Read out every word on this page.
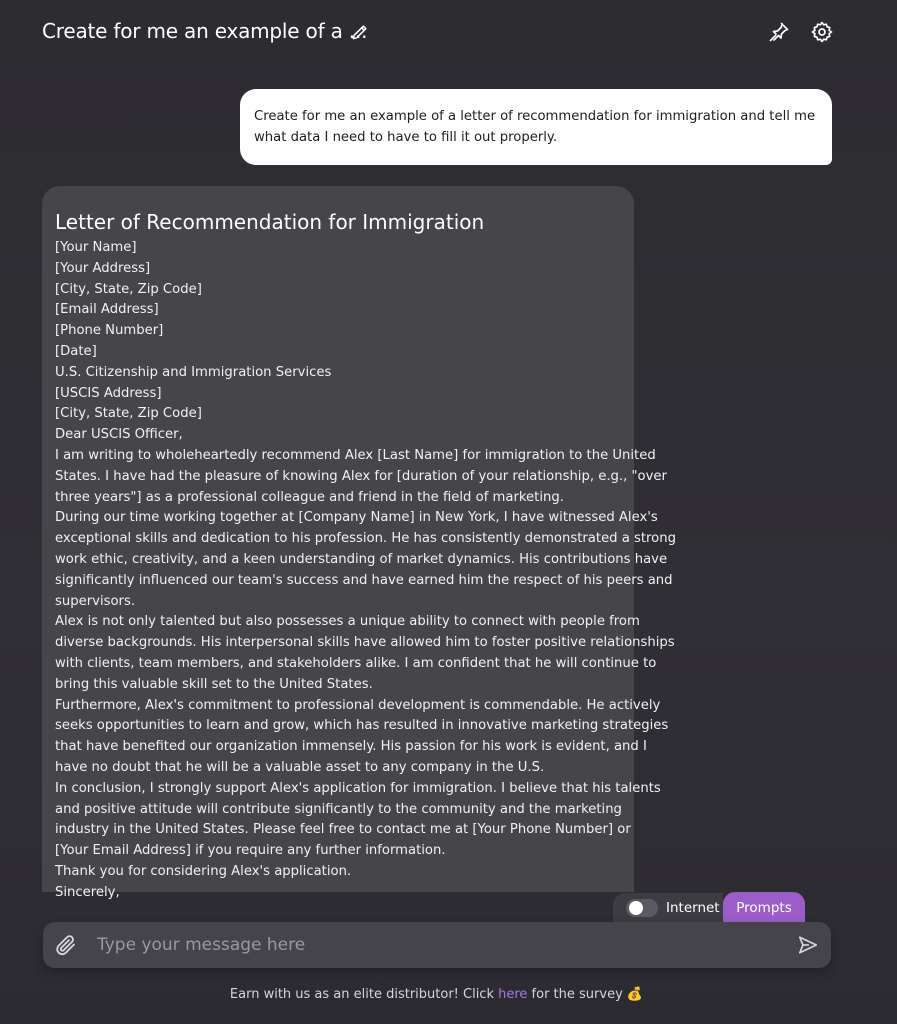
Create for me an example of a ...
Create for me an example of a letter of recommendation for immigration and tell me what data I need to have to fill it out properly.
Letter of Recommendation for Immigration
[Your Name]
[Your Address]
[City, State, Zip Code]
[Email Address]
[Phone Number]
[Date]
U.S. Citizenship and Immigration Services
[USCIS Address]
[City, State, Zip Code]
Dear USCIS Officer,
I am writing to wholeheartedly recommend Alex [Last Name] for immigration to the United
States. I have had the pleasure of knowing Alex for [duration of your relationship, e.g., "over
three years"] as a professional colleague and friend in the field of marketing.
During our time working together at [Company Name] in New York, I have witnessed Alex's
exceptional skills and dedication to his profession. He has consistently demonstrated a strong
work ethic, creativity, and a keen understanding of market dynamics. His contributions have
significantly influenced our team's success and have earned him the respect of his peers and
supervisors.
Alex is not only talented but also possesses a unique ability to connect with people from
diverse backgrounds. His interpersonal skills have allowed him to foster positive relationships
with clients, team members, and stakeholders alike. I am confident that he will continue to
bring this valuable skill set to the United States.
Furthermore, Alex's commitment to professional development is commendable. He actively
seeks opportunities to learn and grow, which has resulted in innovative marketing strategies
that have benefited our organization immensely. His passion for his work is evident, and I
have no doubt that he will be a valuable asset to any company in the U.S.
In conclusion, I strongly support Alex's application for immigration. I believe that his talents
and positive attitude will contribute significantly to the community and the marketing
industry in the United States. Please feel free to contact me at [Your Phone Number] or
[Your Email Address] if you require any further information.
Thank you for considering Alex's application.
Sincerely,
Internet	Prompts
Type your message here
Earn with us as an elite distributor! Click here for the survey 💰
